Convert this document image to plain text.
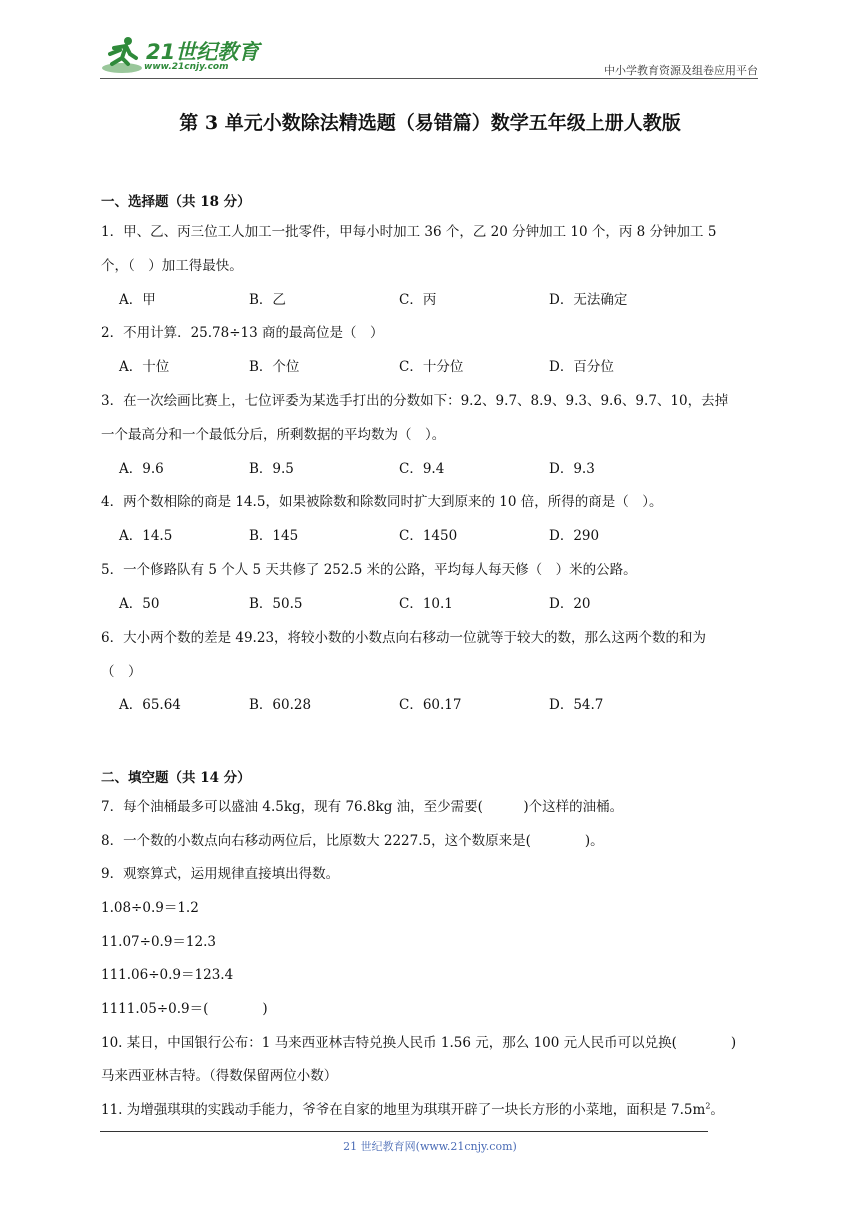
21世纪教育
www.21cnjy.com	中小学教育资源及组卷应用平台
第 3 单元小数除法精选题（易错篇）数学五年级上册人教版
一、选择题（共 18 分）
1．甲、乙、丙三位工人加工一批零件，甲每小时加工 36 个，乙 20 分钟加工 10 个，丙 8 分钟加工 5
个，（　）加工得最快。
A．甲	B．乙	C．丙	D．无法确定
2．不用计算．25.78÷13 商的最高位是（　）
A．十位	B．个位	C．十分位	D．百分位
3．在一次绘画比赛上，七位评委为某选手打出的分数如下：9.2、9.7、8.9、9.3、9.6、9.7、10，去掉
一个最高分和一个最低分后，所剩数据的平均数为（　）。
A．9.6	B．9.5	C．9.4	D．9.3
4．两个数相除的商是 14.5，如果被除数和除数同时扩大到原来的 10 倍，所得的商是（　）。
A．14.5	B．145	C．1450	D．290
5．一个修路队有 5 个人 5 天共修了 252.5 米的公路，平均每人每天修（　）米的公路。
A．50	B．50.5	C．10.1	D．20
6．大小两个数的差是 49.23，将较小数的小数点向右移动一位就等于较大的数，那么这两个数的和为
（　）
A．65.64	B．60.28	C．60.17	D．54.7
二、填空题（共 14 分）
7．每个油桶最多可以盛油 4.5kg，现有 76.8kg 油，至少需要(　　　)个这样的油桶。
8．一个数的小数点向右移动两位后，比原数大 2227.5，这个数原来是(　　　　)。
9．观察算式，运用规律直接填出得数。
1.08÷0.9＝1.2
11.07÷0.9＝12.3
111.06÷0.9＝123.4
1111.05÷0.9＝(　　　　)
10. 某日，中国银行公布：1 马来西亚林吉特兑换人民币 1.56 元，那么 100 元人民币可以兑换(　　　　)
马来西亚林吉特。（得数保留两位小数）
11. 为增强琪琪的实践动手能力，爷爷在自家的地里为琪琪开辟了一块长方形的小菜地，面积是 $7.5m^2$。
21 世纪教育网(www.21cnjy.com)
